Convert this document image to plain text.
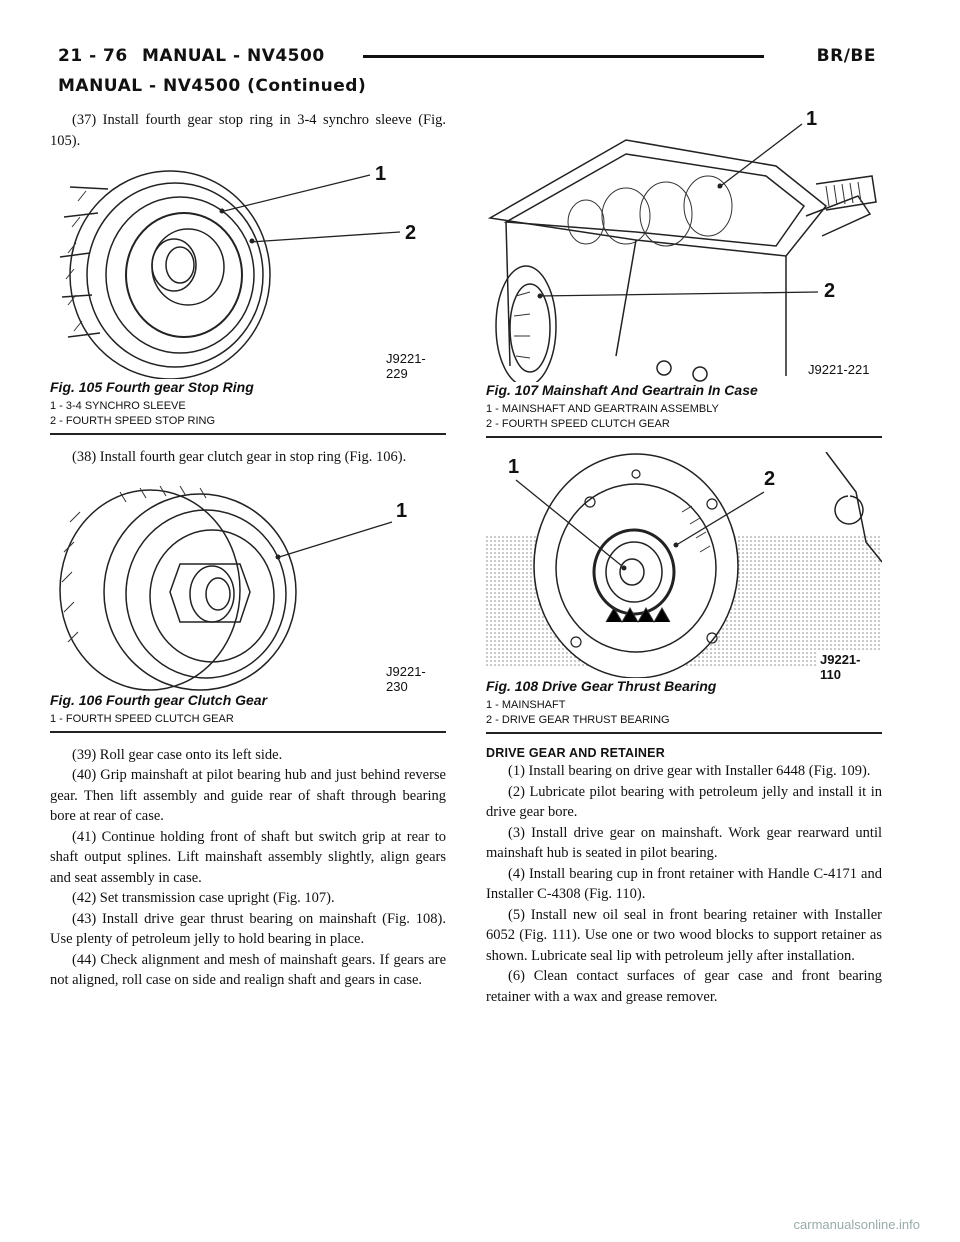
21 - 76 MANUAL - NV4500	BR/BE
MANUAL - NV4500 (Continued)

(37) Install fourth gear stop ring in 3-4 synchro sleeve (Fig. 105).

1
2
J9221-229
Fig. 105 Fourth gear Stop Ring
1 - 3-4 SYNCHRO SLEEVE
2 - FOURTH SPEED STOP RING

(38) Install fourth gear clutch gear in stop ring (Fig. 106).

1
J9221-230
Fig. 106 Fourth gear Clutch Gear
1 - FOURTH SPEED CLUTCH GEAR

(39) Roll gear case onto its left side.

(40) Grip mainshaft at pilot bearing hub and just behind reverse gear. Then lift assembly and guide rear of shaft through bearing bore at rear of case.

(41) Continue holding front of shaft but switch grip at rear to shaft output splines. Lift mainshaft assembly slightly, align gears and seat assembly in case.

(42) Set transmission case upright (Fig. 107).

(43) Install drive gear thrust bearing on mainshaft (Fig. 108). Use plenty of petroleum jelly to hold bearing in place.

(44) Check alignment and mesh of mainshaft gears. If gears are not aligned, roll case on side and realign shaft and gears in case.

1
2
J9221-221
Fig. 107 Mainshaft And Geartrain In Case
1 - MAINSHAFT AND GEARTRAIN ASSEMBLY
2 - FOURTH SPEED CLUTCH GEAR
1
2
J9221-110
Fig. 108 Drive Gear Thrust Bearing
1 - MAINSHAFT
2 - DRIVE GEAR THRUST BEARING
DRIVE GEAR AND RETAINER

(1) Install bearing on drive gear with Installer 6448 (Fig. 109).

(2) Lubricate pilot bearing with petroleum jelly and install it in drive gear bore.

(3) Install drive gear on mainshaft. Work gear rearward until mainshaft hub is seated in pilot bearing.

(4) Install bearing cup in front retainer with Handle C-4171 and Installer C-4308 (Fig. 110).

(5) Install new oil seal in front bearing retainer with Installer 6052 (Fig. 111). Use one or two wood blocks to support retainer as shown. Lubricate seal lip with petroleum jelly after installation.

(6) Clean contact surfaces of gear case and front bearing retainer with a wax and grease remover.

carmanualsonline.info
